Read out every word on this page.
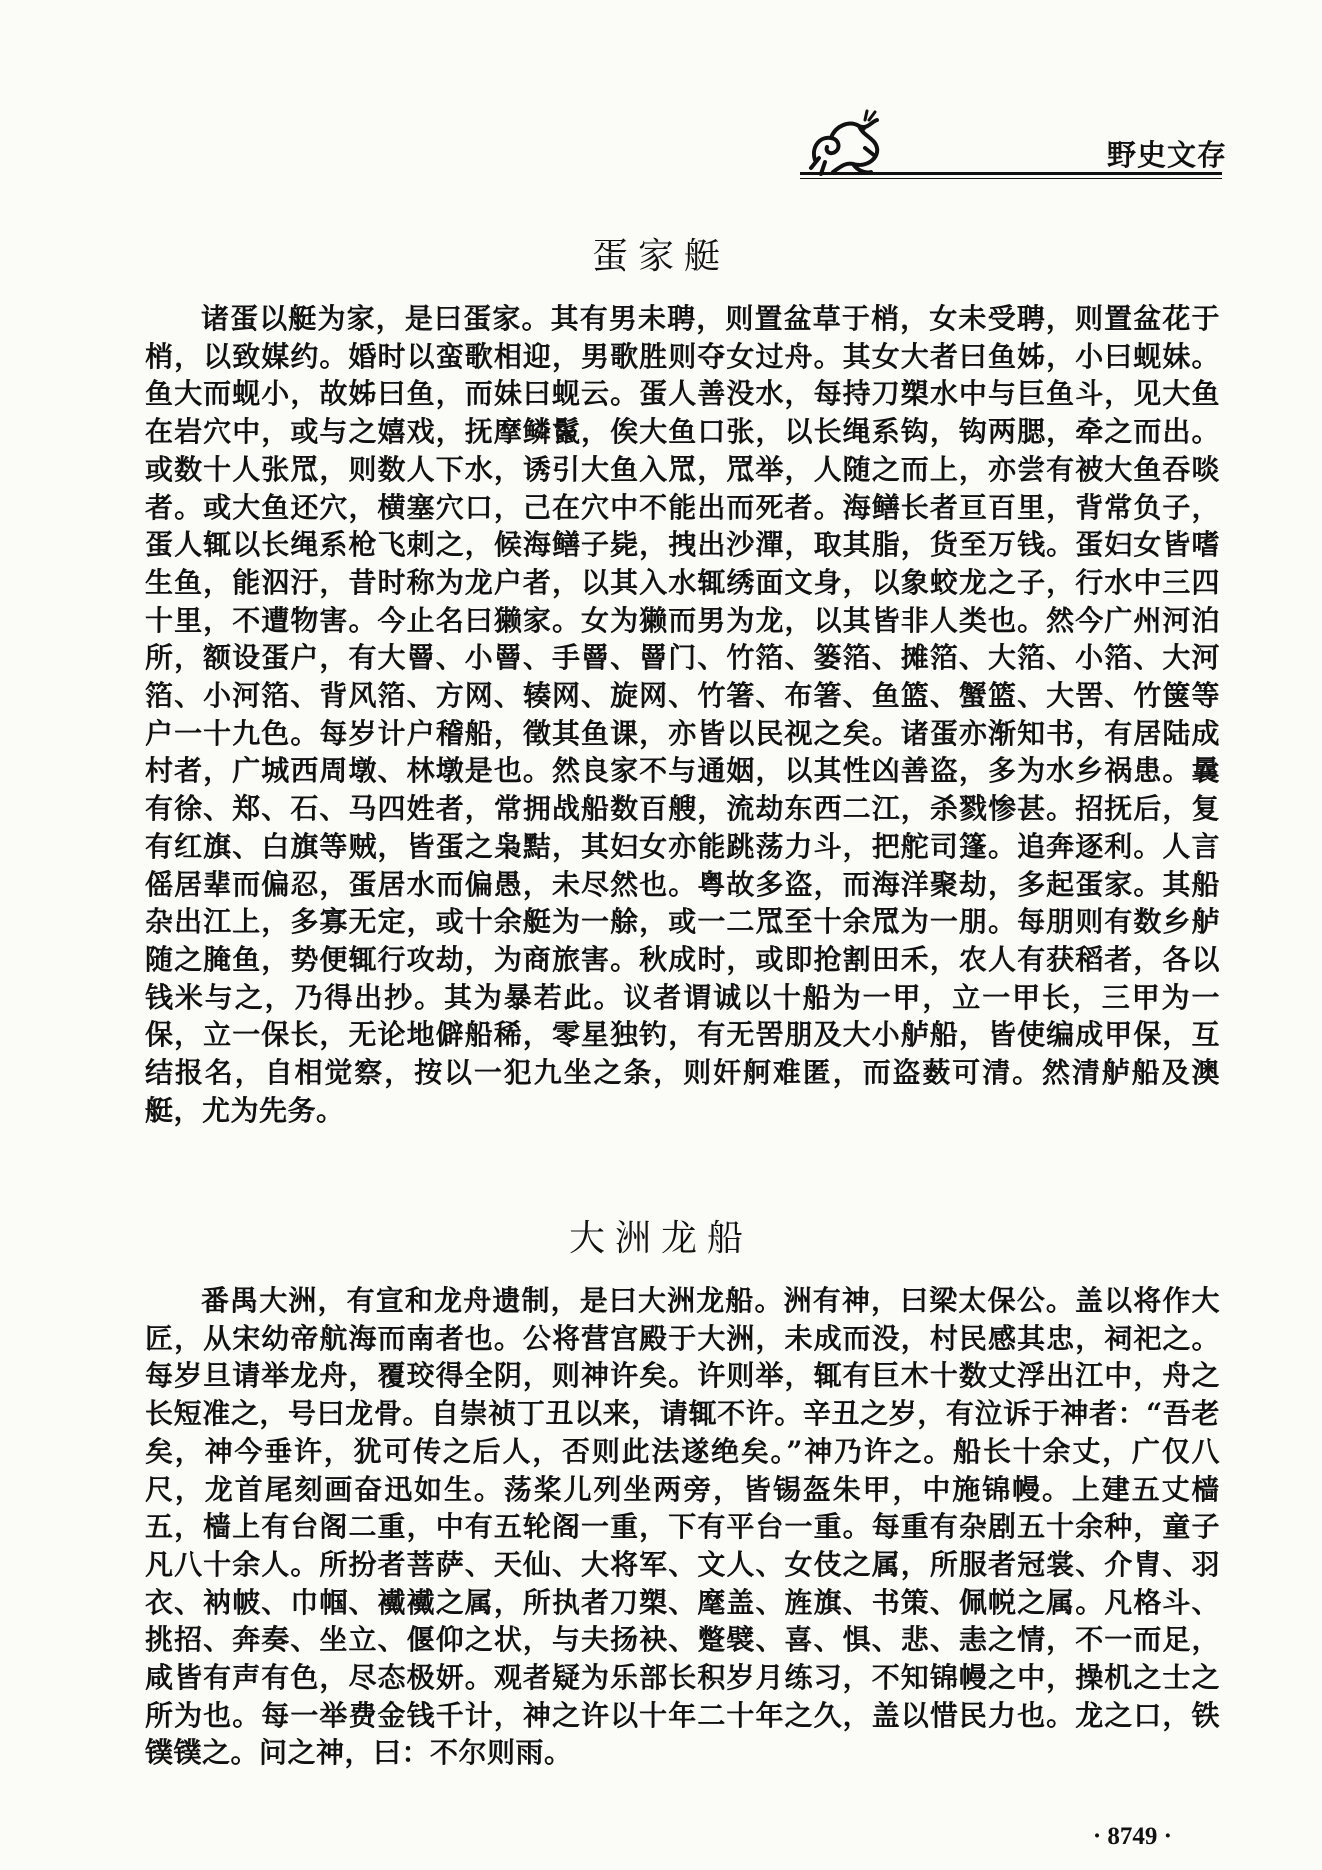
野史文存
蛋家艇

诸蛋以艇为家，是曰蛋家。其有男未聘，则置盆草于梢，女未受聘，则置盆花于梢，以致媒约。婚时以蛮歌相迎，男歌胜则夺女过舟。其女大者曰鱼姊，小曰蚬妹。鱼大而蚬小，故姊曰鱼，而妹曰蚬云。蛋人善没水，每持刀槊水中与巨鱼斗，见大鱼在岩穴中，或与之嬉戏，抚摩鳞鬣，俟大鱼口张，以长绳系钩，钩两腮，牵之而出。或数十人张罛，则数人下水，诱引大鱼入罛，罛举，人随之而上，亦尝有被大鱼吞啖者。或大鱼还穴，横塞穴口，己在穴中不能出而死者。海鳝长者亘百里，背常负子，蛋人辄以长绳系枪飞刺之，候海鳝子毙，拽出沙潬，取其脂，货至万钱。蛋妇女皆嗜生鱼，能泅汙，昔时称为龙户者，以其入水辄绣面文身，以象蛟龙之子，行水中三四十里，不遭物害。今止名曰獭家。女为獭而男为龙，以其皆非人类也。然今广州河泊所，额设蛋户，有大罾、小罾、手罾、罾门、竹箔、篓箔、摊箔、大箔、小箔、大河箔、小河箔、背风箔、方网、辏网、旋网、竹箸、布箸、鱼篮、蟹篮、大罟、竹箧等户一十九色。每岁计户稽船，徵其鱼课，亦皆以民视之矣。诸蛋亦渐知书，有居陆成村者，广城西周墩、林墩是也。然良家不与通姻，以其性凶善盗，多为水乡祸患。曩有徐、郑、石、马四姓者，常拥战船数百艘，流劫东西二江，杀戮惨甚。招抚后，复有红旗、白旗等贼，皆蛋之枭黠，其妇女亦能跳荡力斗，把舵司篷。追奔逐利。人言傜居辈而偏忍，蛋居水而偏愚，未尽然也。粤故多盗，而海洋聚劫，多起蛋家。其船杂出江上，多寡无定，或十余艇为一艅，或一二罛至十余罛为一朋。每朋则有数乡舻随之腌鱼，势便辄行攻劫，为商旅害。秋成时，或即抢割田禾，农人有获稻者，各以钱米与之，乃得出抄。其为暴若此。议者谓诚以十船为一甲，立一甲长，三甲为一保，立一保长，无论地僻船稀，零星独钓，有无罟朋及大小舻船，皆使编成甲保，互结报名，自相觉察，按以一犯九坐之条，则奸舸难匿，而盗薮可清。然清舻船及澳艇，尤为先务。

大洲龙船

番禺大洲，有宣和龙舟遗制，是曰大洲龙船。洲有神，曰梁太保公。盖以将作大匠，从宋幼帝航海而南者也。公将营宫殿于大洲，未成而没，村民感其忠，祠祀之。每岁旦请举龙舟，覆珓得全阴，则神许矣。许则举，辄有巨木十数丈浮出江中，舟之长短准之，号曰龙骨。自崇祯丁丑以来，请辄不许。辛丑之岁，有泣诉于神者：“吾老矣，神今垂许，犹可传之后人，否则此法遂绝矣。”神乃许之。船长十余丈，广仅八尺，龙首尾刻画奋迅如生。荡桨儿列坐两旁，皆锡盔朱甲，中施锦幔。上建五丈樯五，樯上有台阁二重，中有五轮阁一重，下有平台一重。每重有杂剧五十余种，童子凡八十余人。所扮者菩萨、天仙、大将军、文人、女伎之属，所服者冠裳、介胄、羽衣、衲帔、巾帼、襶襶之属，所执者刀槊、麾盖、旌旗、书策、佩帨之属。凡格斗、挑招、奔奏、坐立、偃仰之状，与夫扬袂、蹩襞、喜、惧、悲、恚之情，不一而足，咸皆有声有色，尽态极妍。观者疑为乐部长积岁月练习，不知锦幔之中，操机之士之所为也。每一举费金钱千计，神之许以十年二十年之久，盖以惜民力也。龙之口，铁镤镤之。问之神，曰：不尔则雨。

· 8749 ·
